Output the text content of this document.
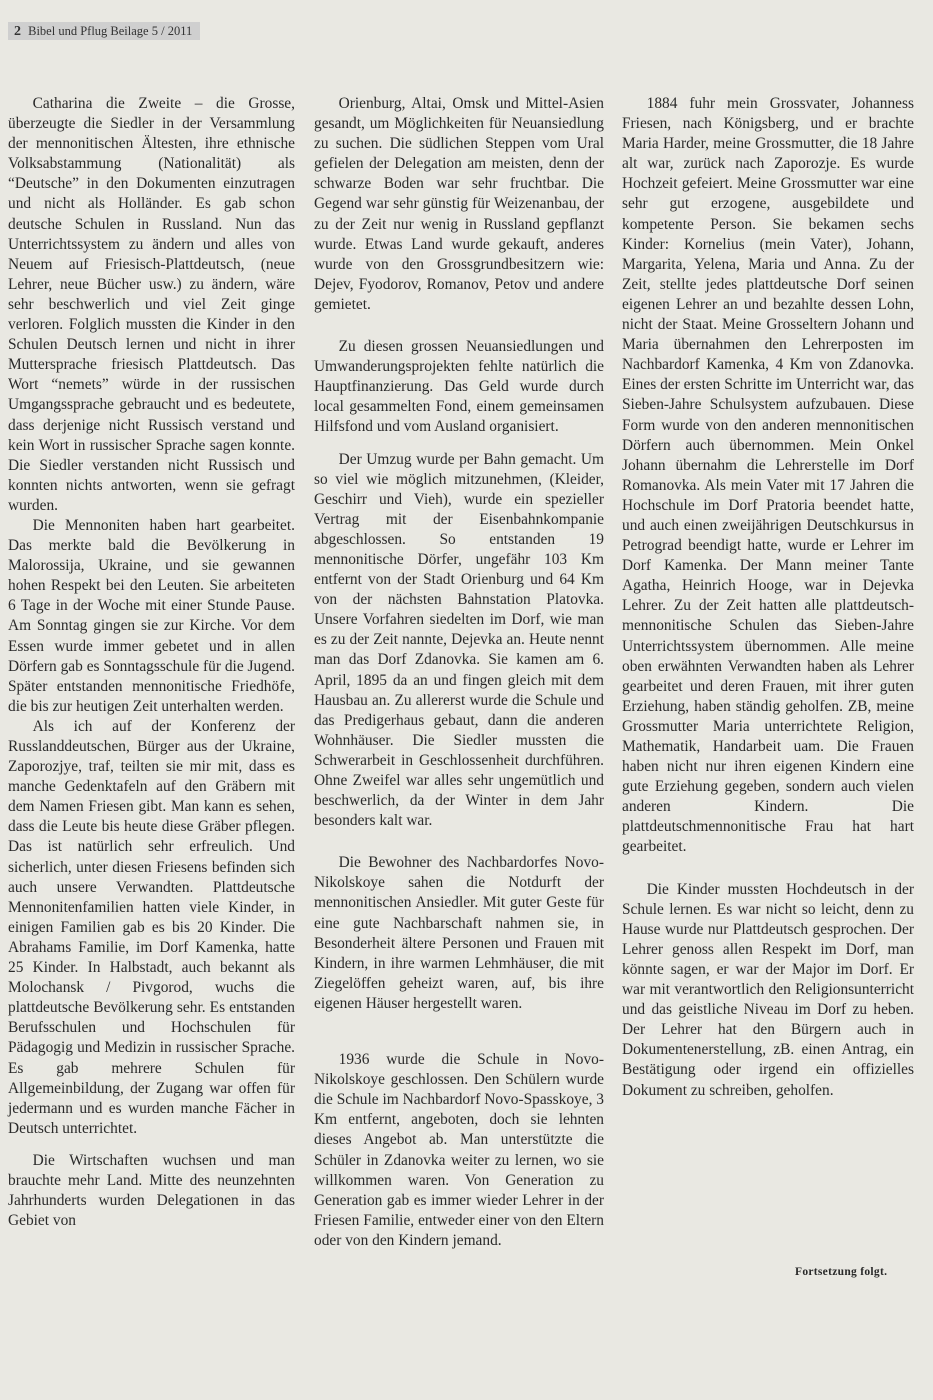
2 Bibel und Pflug Beilage 5 / 2011

Catharina die Zweite – die Grosse, überzeugte die Siedler in der Versammlung der mennonitischen Ältesten, ihre ethnische Volksabstammung (Nationalität) als “Deutsche” in den Dokumenten einzutragen und nicht als Holländer. Es gab schon deutsche Schulen in Russland. Nun das Unterrichtssystem zu ändern und alles von Neuem auf Friesisch-Plattdeutsch, (neue Lehrer, neue Bücher usw.) zu ändern, wäre sehr beschwerlich und viel Zeit ginge verloren. Folglich mussten die Kinder in den Schulen Deutsch lernen und nicht in ihrer Muttersprache friesisch Plattdeutsch. Das Wort “nemets” würde in der russischen Umgangssprache gebraucht und es bedeutete, dass derjenige nicht Russisch verstand und kein Wort in russischer Sprache sagen konnte. Die Siedler verstanden nicht Russisch und konnten nichts antworten, wenn sie gefragt wurden.

Die Mennoniten haben hart gearbeitet. Das merkte bald die Bevölkerung in Malorossija, Ukraine, und sie gewannen hohen Respekt bei den Leuten. Sie arbeiteten 6 Tage in der Woche mit einer Stunde Pause. Am Sonntag gingen sie zur Kirche. Vor dem Essen wurde immer gebetet und in allen Dörfern gab es Sonntagsschule für die Jugend. Später entstanden mennonitische Friedhöfe, die bis zur heutigen Zeit unterhalten werden.

Als ich auf der Konferenz der Russlanddeutschen, Bürger aus der Ukraine, Zaporozjye, traf, teilten sie mir mit, dass es manche Gedenktafeln auf den Gräbern mit dem Namen Friesen gibt. Man kann es sehen, dass die Leute bis heute diese Gräber pflegen. Das ist natürlich sehr erfreulich. Und sicherlich, unter diesen Friesens befinden sich auch unsere Verwandten. Plattdeutsche Mennonitenfamilien hatten viele Kinder, in einigen Familien gab es bis 20 Kinder. Die Abrahams Familie, im Dorf Kamenka, hatte 25 Kinder. In Halbstadt, auch bekannt als Molochansk / Pivgorod, wuchs die plattdeutsche Bevölkerung sehr. Es entstanden Berufsschulen und Hochschulen für Pädagogig und Medizin in russischer Sprache. Es gab mehrere Schulen für Allgemeinbildung, der Zugang war offen für jedermann und es wurden manche Fächer in Deutsch unterrichtet.

Die Wirtschaften wuchsen und man brauchte mehr Land. Mitte des neunzehnten Jahrhunderts wurden Delegationen in das Gebiet von

Orienburg, Altai, Omsk und Mittel-Asien gesandt, um Möglichkeiten für Neuansiedlung zu suchen. Die südlichen Steppen vom Ural gefielen der Delegation am meisten, denn der schwarze Boden war sehr fruchtbar. Die Gegend war sehr günstig für Weizenanbau, der zu der Zeit nur wenig in Russland gepflanzt wurde. Etwas Land wurde gekauft, anderes wurde von den Grossgrundbesitzern wie: Dejev, Fyodorov, Romanov, Petov und andere gemietet.

Zu diesen grossen Neuansiedlungen und Umwanderungsprojekten fehlte natürlich die Hauptfinanzierung. Das Geld wurde durch local gesammelten Fond, einem gemeinsamen Hilfsfond und vom Ausland organisiert.

Der Umzug wurde per Bahn gemacht. Um so viel wie möglich mitzunehmen, (Kleider, Geschirr und Vieh), wurde ein spezieller Vertrag mit der Eisenbahnkompanie abgeschlossen. So entstanden 19 mennonitische Dörfer, ungefähr 103 Km entfernt von der Stadt Orienburg und 64 Km von der nächsten Bahnstation Platovka. Unsere Vorfahren siedelten im Dorf, wie man es zu der Zeit nannte, Dejevka an. Heute nennt man das Dorf Zdanovka. Sie kamen am 6. April, 1895 da an und fingen gleich mit dem Hausbau an. Zu allererst wurde die Schule und das Predigerhaus gebaut, dann die anderen Wohnhäuser. Die Siedler mussten die Schwerarbeit in Geschlossenheit durchführen. Ohne Zweifel war alles sehr ungemütlich und beschwerlich, da der Winter in dem Jahr besonders kalt war.

Die Bewohner des Nachbardorfes Novo-Nikolskoye sahen die Notdurft der mennonitischen Ansiedler. Mit guter Geste für eine gute Nachbarschaft nahmen sie, in Besonderheit ältere Personen und Frauen mit Kindern, in ihre warmen Lehmhäuser, die mit Ziegelöffen geheizt waren, auf, bis ihre eigenen Häuser hergestellt waren.

1936 wurde die Schule in Novo-Nikolskoye geschlossen. Den Schülern wurde die Schule im Nachbardorf Novo-Spasskoye, 3 Km entfernt, angeboten, doch sie lehnten dieses Angebot ab. Man unterstützte die Schüler in Zdanovka weiter zu lernen, wo sie willkommen waren. Von Generation zu Generation gab es immer wieder Lehrer in der Friesen Familie, entweder einer von den Eltern oder von den Kindern jemand.

1884 fuhr mein Grossvater, Johanness Friesen, nach Königsberg, und er brachte Maria Harder, meine Grossmutter, die 18 Jahre alt war, zurück nach Zaporozje. Es wurde Hochzeit gefeiert. Meine Grossmutter war eine sehr gut erzogene, ausgebildete und kompetente Person. Sie bekamen sechs Kinder: Kornelius (mein Vater), Johann, Margarita, Yelena, Maria und Anna. Zu der Zeit, stellte jedes plattdeutsche Dorf seinen eigenen Lehrer an und bezahlte dessen Lohn, nicht der Staat. Meine Grosseltern Johann und Maria übernahmen den Lehrerposten im Nachbardorf Kamenka, 4 Km von Zdanovka. Eines der ersten Schritte im Unterricht war, das Sieben-Jahre Schulsystem aufzubauen. Diese Form wurde von den anderen mennonitischen Dörfern auch übernommen. Mein Onkel Johann übernahm die Lehrerstelle im Dorf Romanovka. Als mein Vater mit 17 Jahren die Hochschule im Dorf Pratoria beendet hatte, und auch einen zweijährigen Deutschkursus in Petrograd beendigt hatte, wurde er Lehrer im Dorf Kamenka. Der Mann meiner Tante Agatha, Heinrich Hooge, war in Dejevka Lehrer. Zu der Zeit hatten alle plattdeutsch-mennonitische Schulen das Sieben-Jahre Unterrichtssystem übernommen. Alle meine oben erwähnten Verwandten haben als Lehrer gearbeitet und deren Frauen, mit ihrer guten Erziehung, haben ständig geholfen. ZB, meine Grossmutter Maria unterrichtete Religion, Mathematik, Handarbeit uam. Die Frauen haben nicht nur ihren eigenen Kindern eine gute Erziehung gegeben, sondern auch vielen anderen Kindern. Die plattdeutschmennonitische Frau hat hart gearbeitet.

Die Kinder mussten Hochdeutsch in der Schule lernen. Es war nicht so leicht, denn zu Hause wurde nur Plattdeutsch gesprochen. Der Lehrer genoss allen Respekt im Dorf, man könnte sagen, er war der Major im Dorf. Er war mit verantwortlich den Religionsunterricht und das geistliche Niveau im Dorf zu heben. Der Lehrer hat den Bürgern auch in Dokumentenerstellung, zB. einen Antrag, ein Bestätigung oder irgend ein offizielles Dokument zu schreiben, geholfen.

Fortsetzung folgt.
